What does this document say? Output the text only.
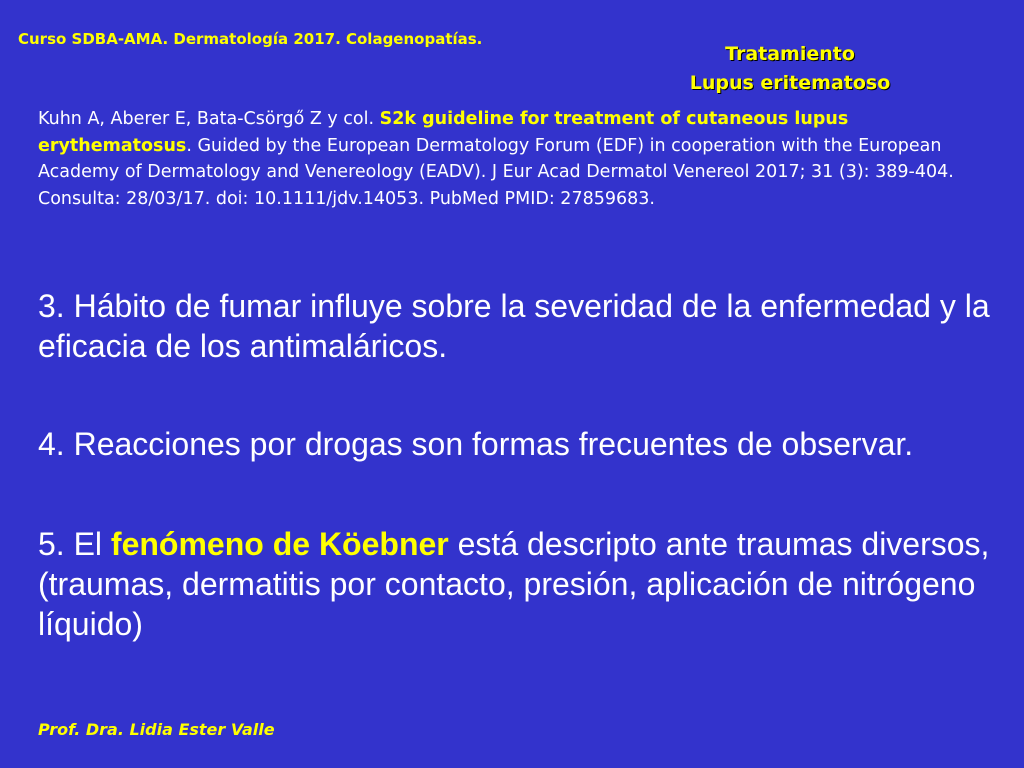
Curso SDBA-AMA. Dermatología 2017. Colagenopatías.
Tratamiento
Lupus eritematoso
Kuhn A, Aberer E, Bata-Csörgő Z y col. S2k guideline for treatment of cutaneous lupus erythematosus. Guided by the European Dermatology Forum (EDF) in cooperation with the European Academy of Dermatology and Venereology (EADV). J Eur Acad Dermatol Venereol 2017; 31 (3): 389-404. Consulta: 28/03/17. doi: 10.1111/jdv.14053. PubMed PMID: 27859683.
3. Hábito de fumar influye sobre la severidad de la enfermedad y la eficacia de los antimaláricos.
4. Reacciones por drogas son formas frecuentes de observar.
5. El fenómeno de Köebner está descripto ante traumas diversos, (traumas, dermatitis por contacto, presión, aplicación de nitrógeno líquido)
Prof. Dra. Lidia Ester Valle
